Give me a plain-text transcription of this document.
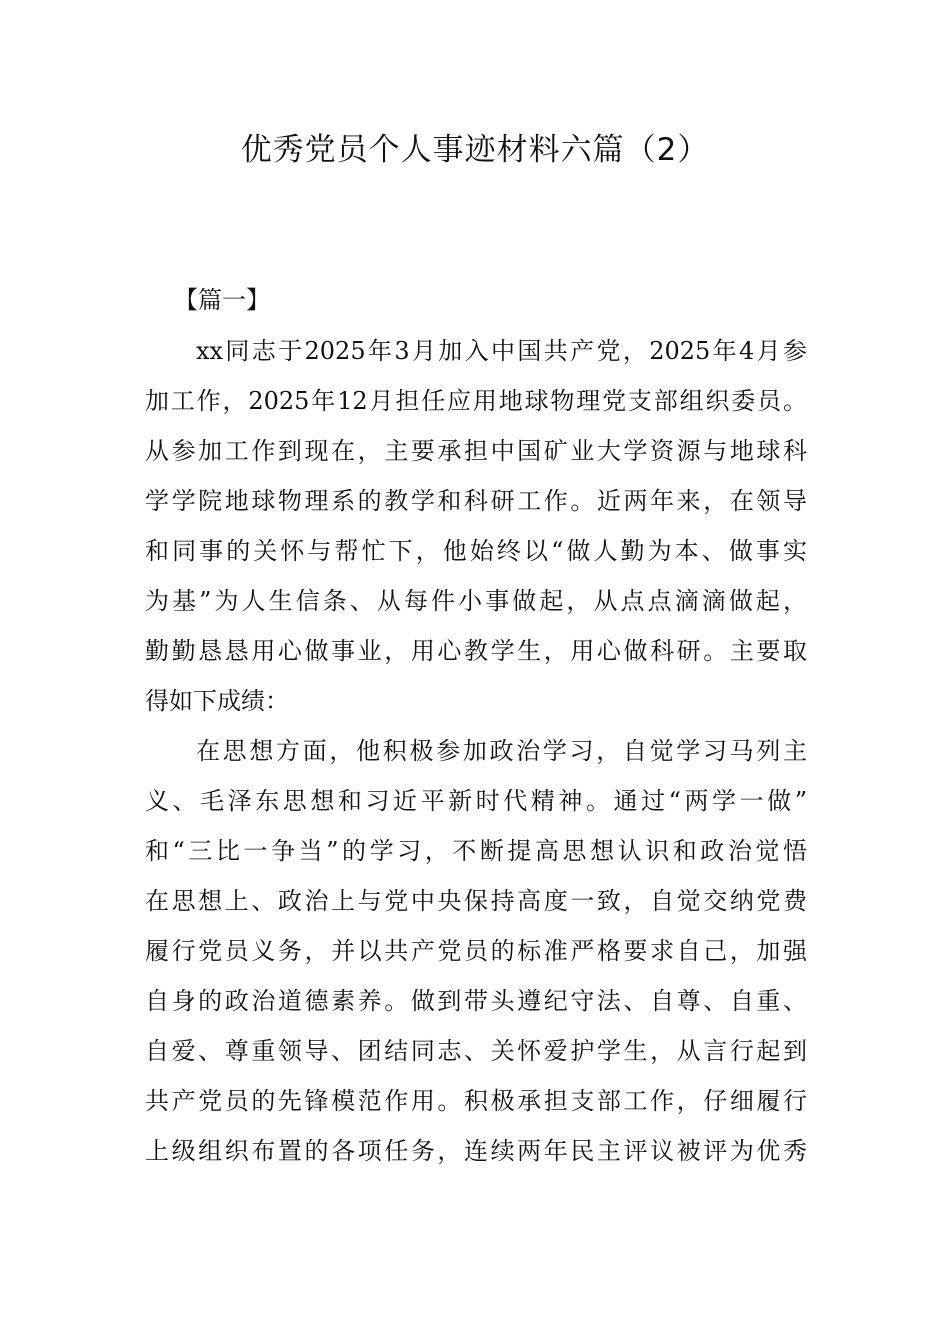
优秀党员个人事迹材料六篇（2）
【篇一】
xx同志于2025年3月加入中国共产党，2025年4月参
加工作，2025年12月担任应用地球物理党支部组织委员。
从参加工作到现在，主要承担中国矿业大学资源与地球科
学学院地球物理系的教学和科研工作。近两年来，在领导
和同事的关怀与帮忙下，他始终以“做人勤为本、做事实
为基”为人生信条、从每件小事做起，从点点滴滴做起，
勤勤恳恳用心做事业，用心教学生，用心做科研。主要取
得如下成绩：
在思想方面，他积极参加政治学习，自觉学习马列主
义、毛泽东思想和习近平新时代精神。通过“两学一做”
和“三比一争当”的学习，不断提高思想认识和政治觉悟
在思想上、政治上与党中央保持高度一致，自觉交纳党费
履行党员义务，并以共产党员的标准严格要求自己，加强
自身的政治道德素养。做到带头遵纪守法、自尊、自重、
自爱、尊重领导、团结同志、关怀爱护学生，从言行起到
共产党员的先锋模范作用。积极承担支部工作，仔细履行
上级组织布置的各项任务，连续两年民主评议被评为优秀
